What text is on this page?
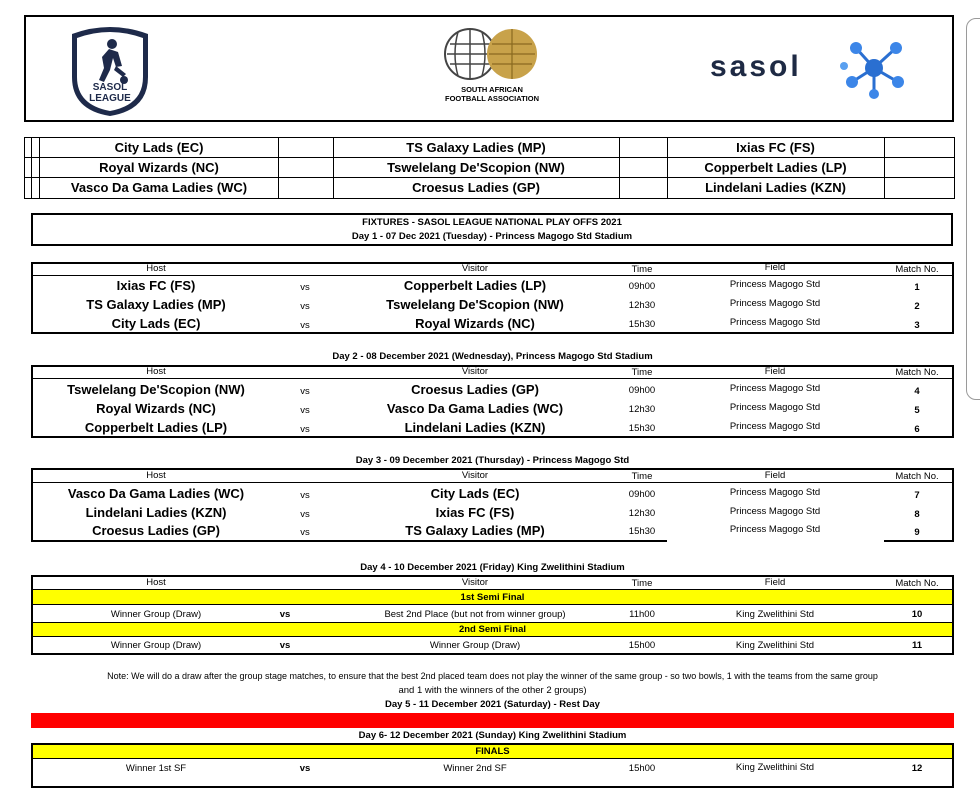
SASOL
LEAGUE
SOUTH AFRICAN
FOOTBALL ASSOCIATION
sasol
City Lads (EC)	TS Galaxy Ladies (MP)	Ixias FC (FS)
Royal Wizards (NC)	Tswelelang De'Scopion (NW)	Copperbelt Ladies (LP)
Vasco Da Gama Ladies (WC)	Croesus Ladies (GP)	Lindelani Ladies (KZN)
FIXTURES - SASOL LEAGUE NATIONAL PLAY OFFS 2021
Day 1 - 07 Dec 2021 (Tuesday) - Princess Magogo Std Stadium
Host	Visitor	Time	Field	Match No.
Ixias FC (FS)	vs	Copperbelt Ladies (LP)	09h00	Princess Magogo Std	1
TS Galaxy Ladies (MP)	vs	Tswelelang De'Scopion (NW)	12h30	Princess Magogo Std	2
City Lads (EC)	vs	Royal Wizards (NC)	15h30	Princess Magogo Std	3
Day 2 - 08 December 2021 (Wednesday), Princess Magogo Std Stadium
Host	Visitor	Time	Field	Match No.
Tswelelang De'Scopion (NW)	vs	Croesus Ladies (GP)	09h00	Princess Magogo Std	4
Royal Wizards (NC)	vs	Vasco Da Gama Ladies (WC)	12h30	Princess Magogo Std	5
Copperbelt Ladies (LP)	vs	Lindelani Ladies (KZN)	15h30	Princess Magogo Std	6
Day 3 - 09 December 2021 (Thursday) - Princess Magogo Std
Host	Visitor	Time	Field	Match No.
Vasco Da Gama Ladies (WC)	vs	City Lads (EC)	09h00	Princess Magogo Std	7
Lindelani Ladies (KZN)	vs	Ixias FC (FS)	12h30	Princess Magogo Std	8
Croesus Ladies (GP)	vs	TS Galaxy Ladies (MP)	15h30	Princess Magogo Std	9
Day 4 - 10 December 2021 (Friday) King Zwelithini Stadium
Host	Visitor	Time	Field	Match No.
1st Semi Final
Winner Group (Draw)	vs	Best 2nd Place (but not from winner group)	11h00	King Zwelithini Std	10
2nd Semi Final
Winner Group (Draw)	vs	Winner Group (Draw)	15h00	King Zwelithini Std	11
Note: We will do a draw after the group stage matches, to ensure that the best 2nd placed team does not play the winner of the same group - so two bowls, 1 with the teams from the same group
and 1 with the winners of the other 2 groups)
Day 5 - 11 December 2021 (Saturday) - Rest Day
Day 6- 12 December 2021 (Sunday) King Zwelithini Stadium
FINALS
Winner 1st SF	vs	Winner 2nd SF	15h00	King Zwelithini Std	12
